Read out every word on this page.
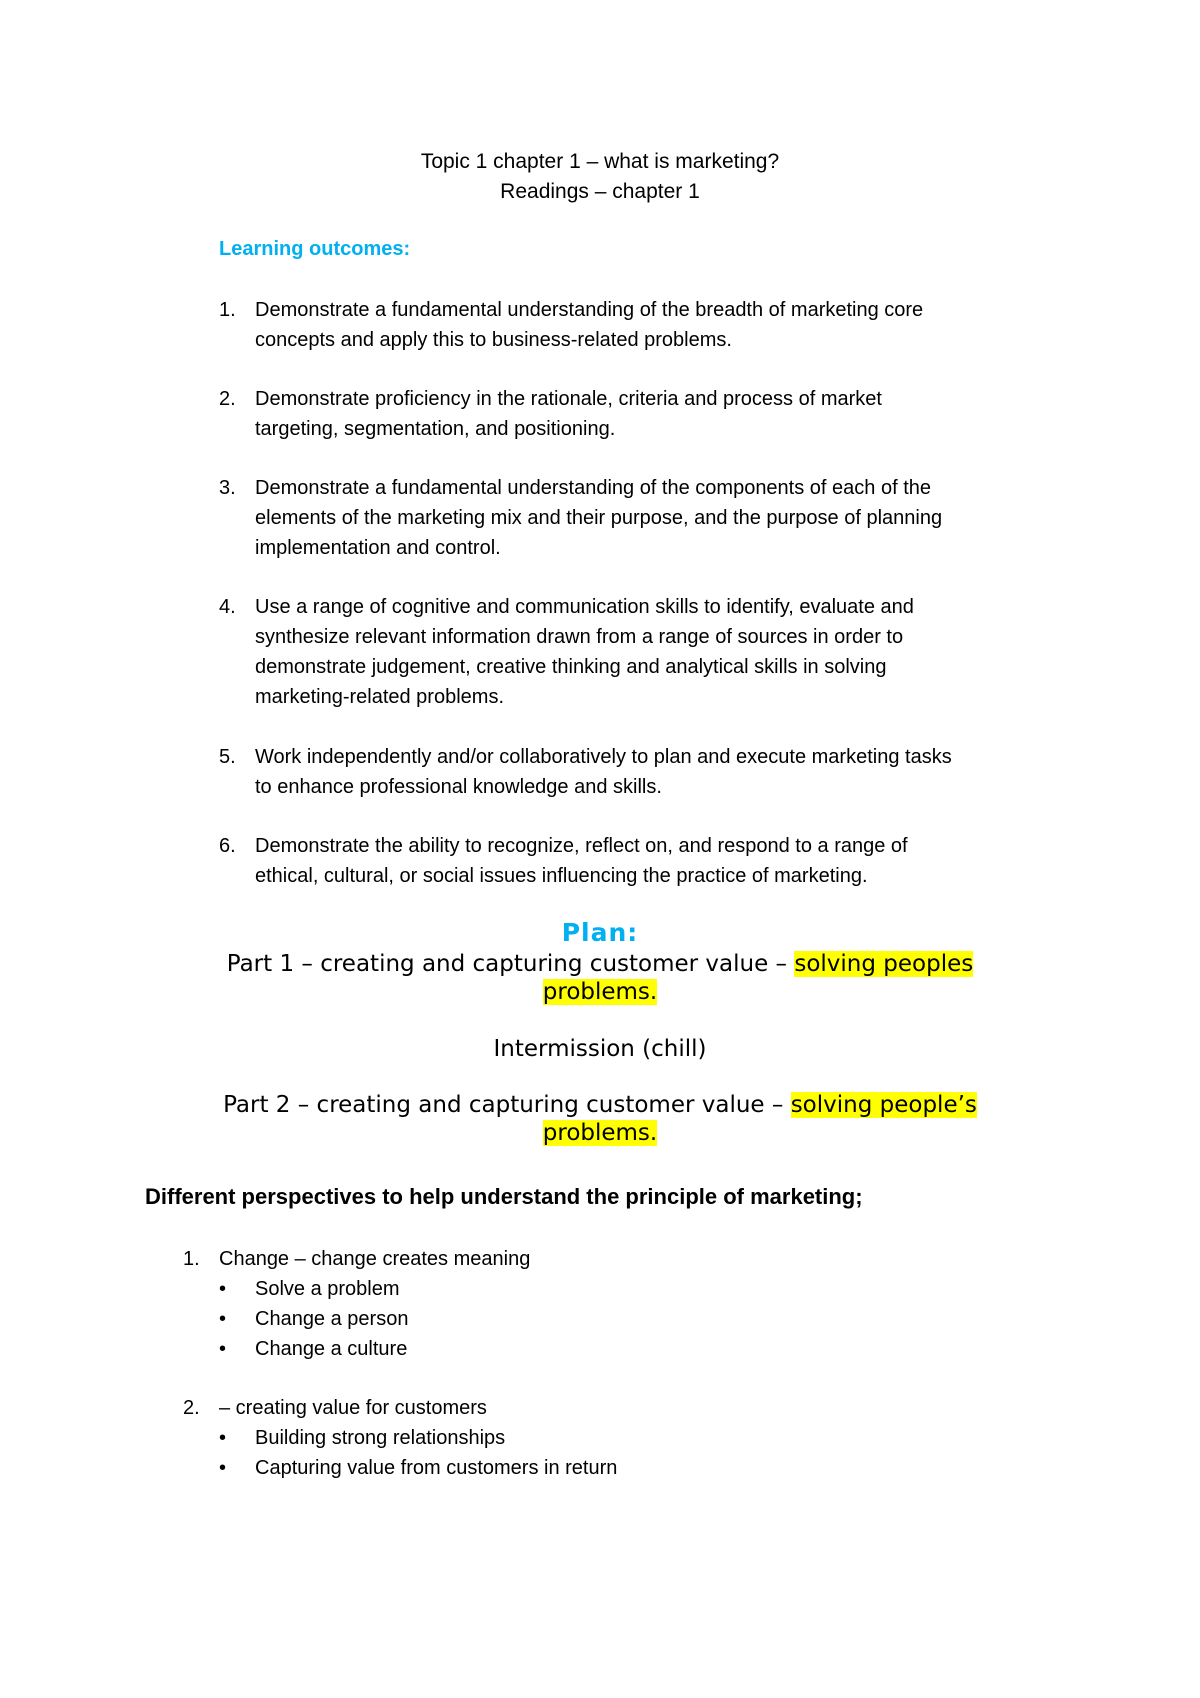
Topic 1 chapter 1 – what is marketing?
Readings – chapter 1
Learning outcomes:
1. Demonstrate a fundamental understanding of the breadth of marketing core
concepts and apply this to business-related problems.
2. Demonstrate proficiency in the rationale, criteria and process of market
targeting, segmentation, and positioning.
3. Demonstrate a fundamental understanding of the components of each of the
elements of the marketing mix and their purpose, and the purpose of planning
implementation and control.
4. Use a range of cognitive and communication skills to identify, evaluate and
synthesize relevant information drawn from a range of sources in order to
demonstrate judgement, creative thinking and analytical skills in solving
marketing-related problems.
5. Work independently and/or collaboratively to plan and execute marketing tasks
to enhance professional knowledge and skills.
6. Demonstrate the ability to recognize, reflect on, and respond to a range of
ethical, cultural, or social issues influencing the practice of marketing.
Plan:
Part 1 – creating and capturing customer value – solving peoples
problems.
Intermission (chill)
Part 2 – creating and capturing customer value – solving people’s
problems.
Different perspectives to help understand the principle of marketing;
1. Change – change creates meaning
• Solve a problem
• Change a person
• Change a culture
2. – creating value for customers
• Building strong relationships
• Capturing value from customers in return
